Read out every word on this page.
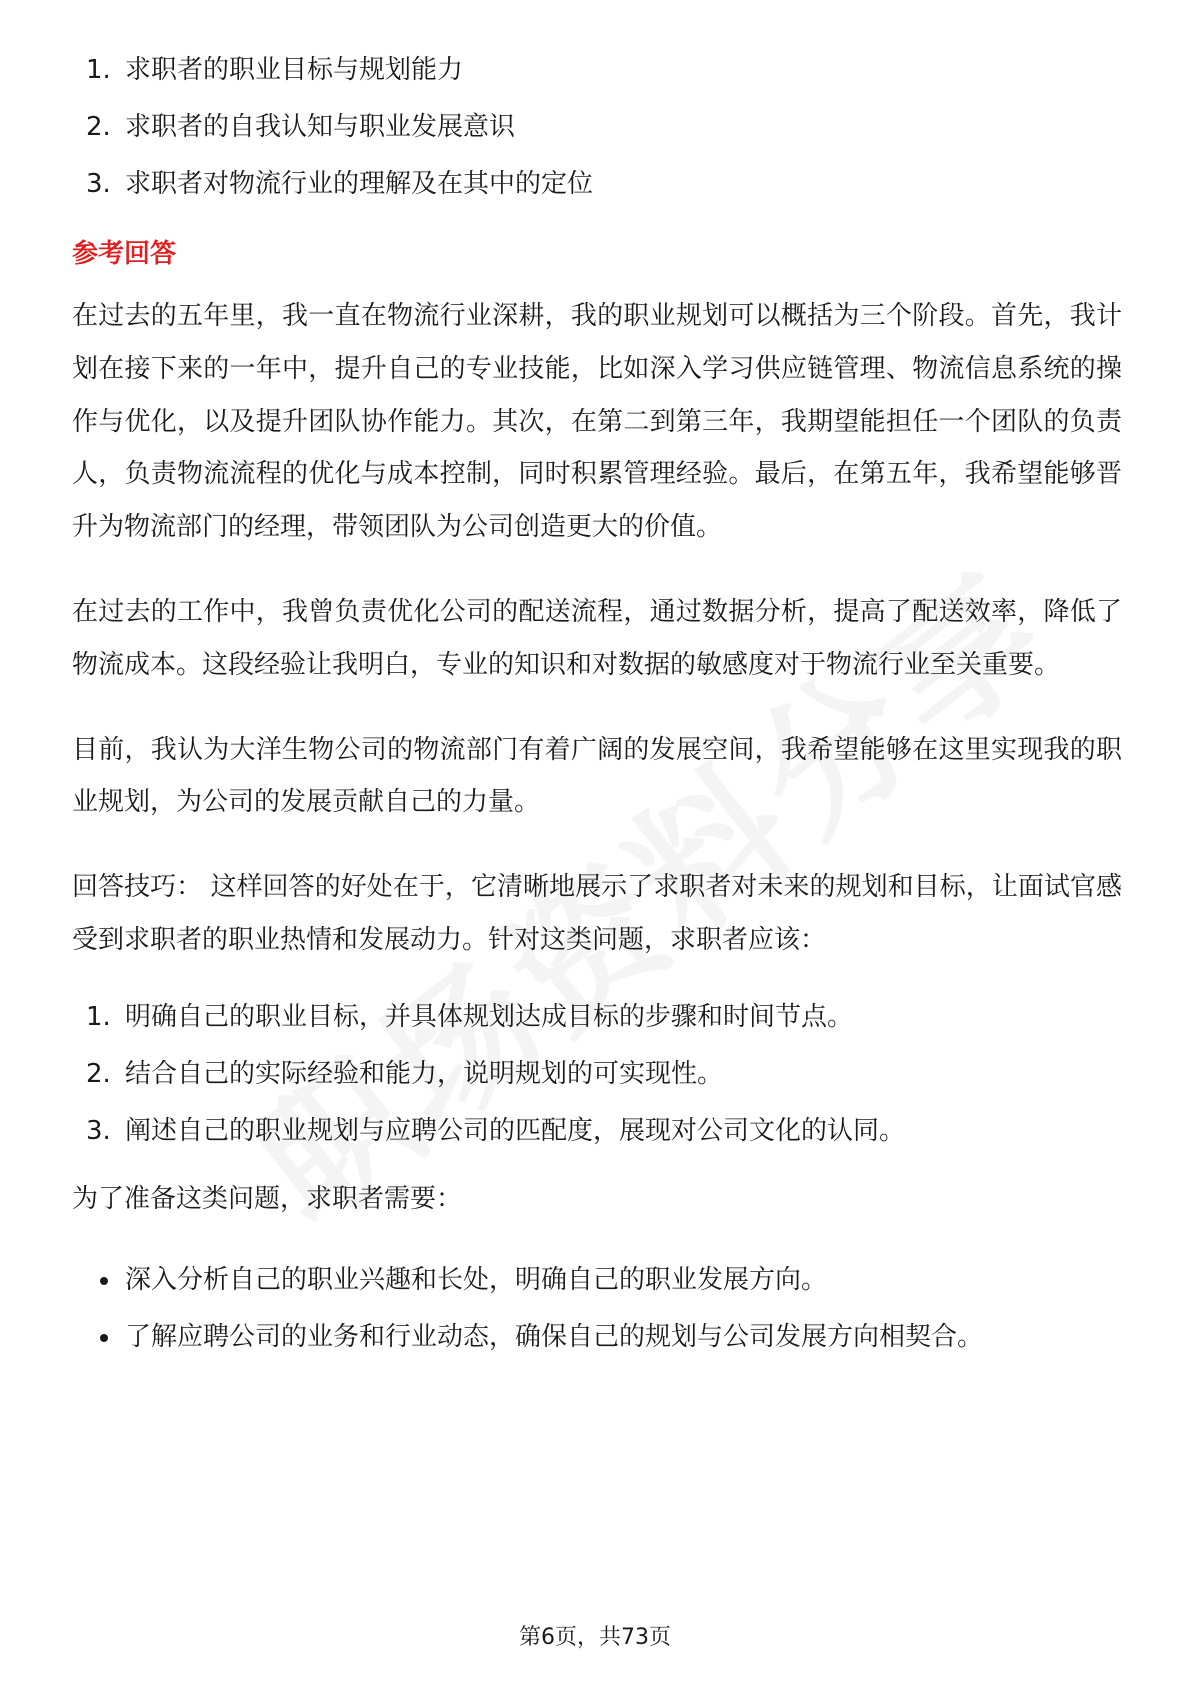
1. 求职者的职业目标与规划能力
2. 求职者的自我认知与职业发展意识
3. 求职者对物流行业的理解及在其中的定位
参考回答

在过去的五年里，我一直在物流行业深耕，我的职业规划可以概括为三个阶段。首先，我计划在接下来的一年中，提升自己的专业技能，比如深入学习供应链管理、物流信息系统的操作与优化，以及提升团队协作能力。其次，在第二到第三年，我期望能担任一个团队的负责人，负责物流流程的优化与成本控制，同时积累管理经验。最后，在第五年，我希望能够晋升为物流部门的经理，带领团队为公司创造更大的价值。

在过去的工作中，我曾负责优化公司的配送流程，通过数据分析，提高了配送效率，降低了物流成本。这段经验让我明白，专业的知识和对数据的敏感度对于物流行业至关重要。

目前，我认为大洋生物公司的物流部门有着广阔的发展空间，我希望能够在这里实现我的职业规划，为公司的发展贡献自己的力量。

回答技巧： 这样回答的好处在于，它清晰地展示了求职者对未来的规划和目标，让面试官感受到求职者的职业热情和发展动力。针对这类问题，求职者应该：

1. 明确自己的职业目标，并具体规划达成目标的步骤和时间节点。
2. 结合自己的实际经验和能力，说明规划的可实现性。
3. 阐述自己的职业规划与应聘公司的匹配度，展现对公司文化的认同。

为了准备这类问题，求职者需要：

深入分析自己的职业兴趣和长处，明确自己的职业发展方向。
了解应聘公司的业务和行业动态，确保自己的规划与公司发展方向相契合。
第6页，共73页
